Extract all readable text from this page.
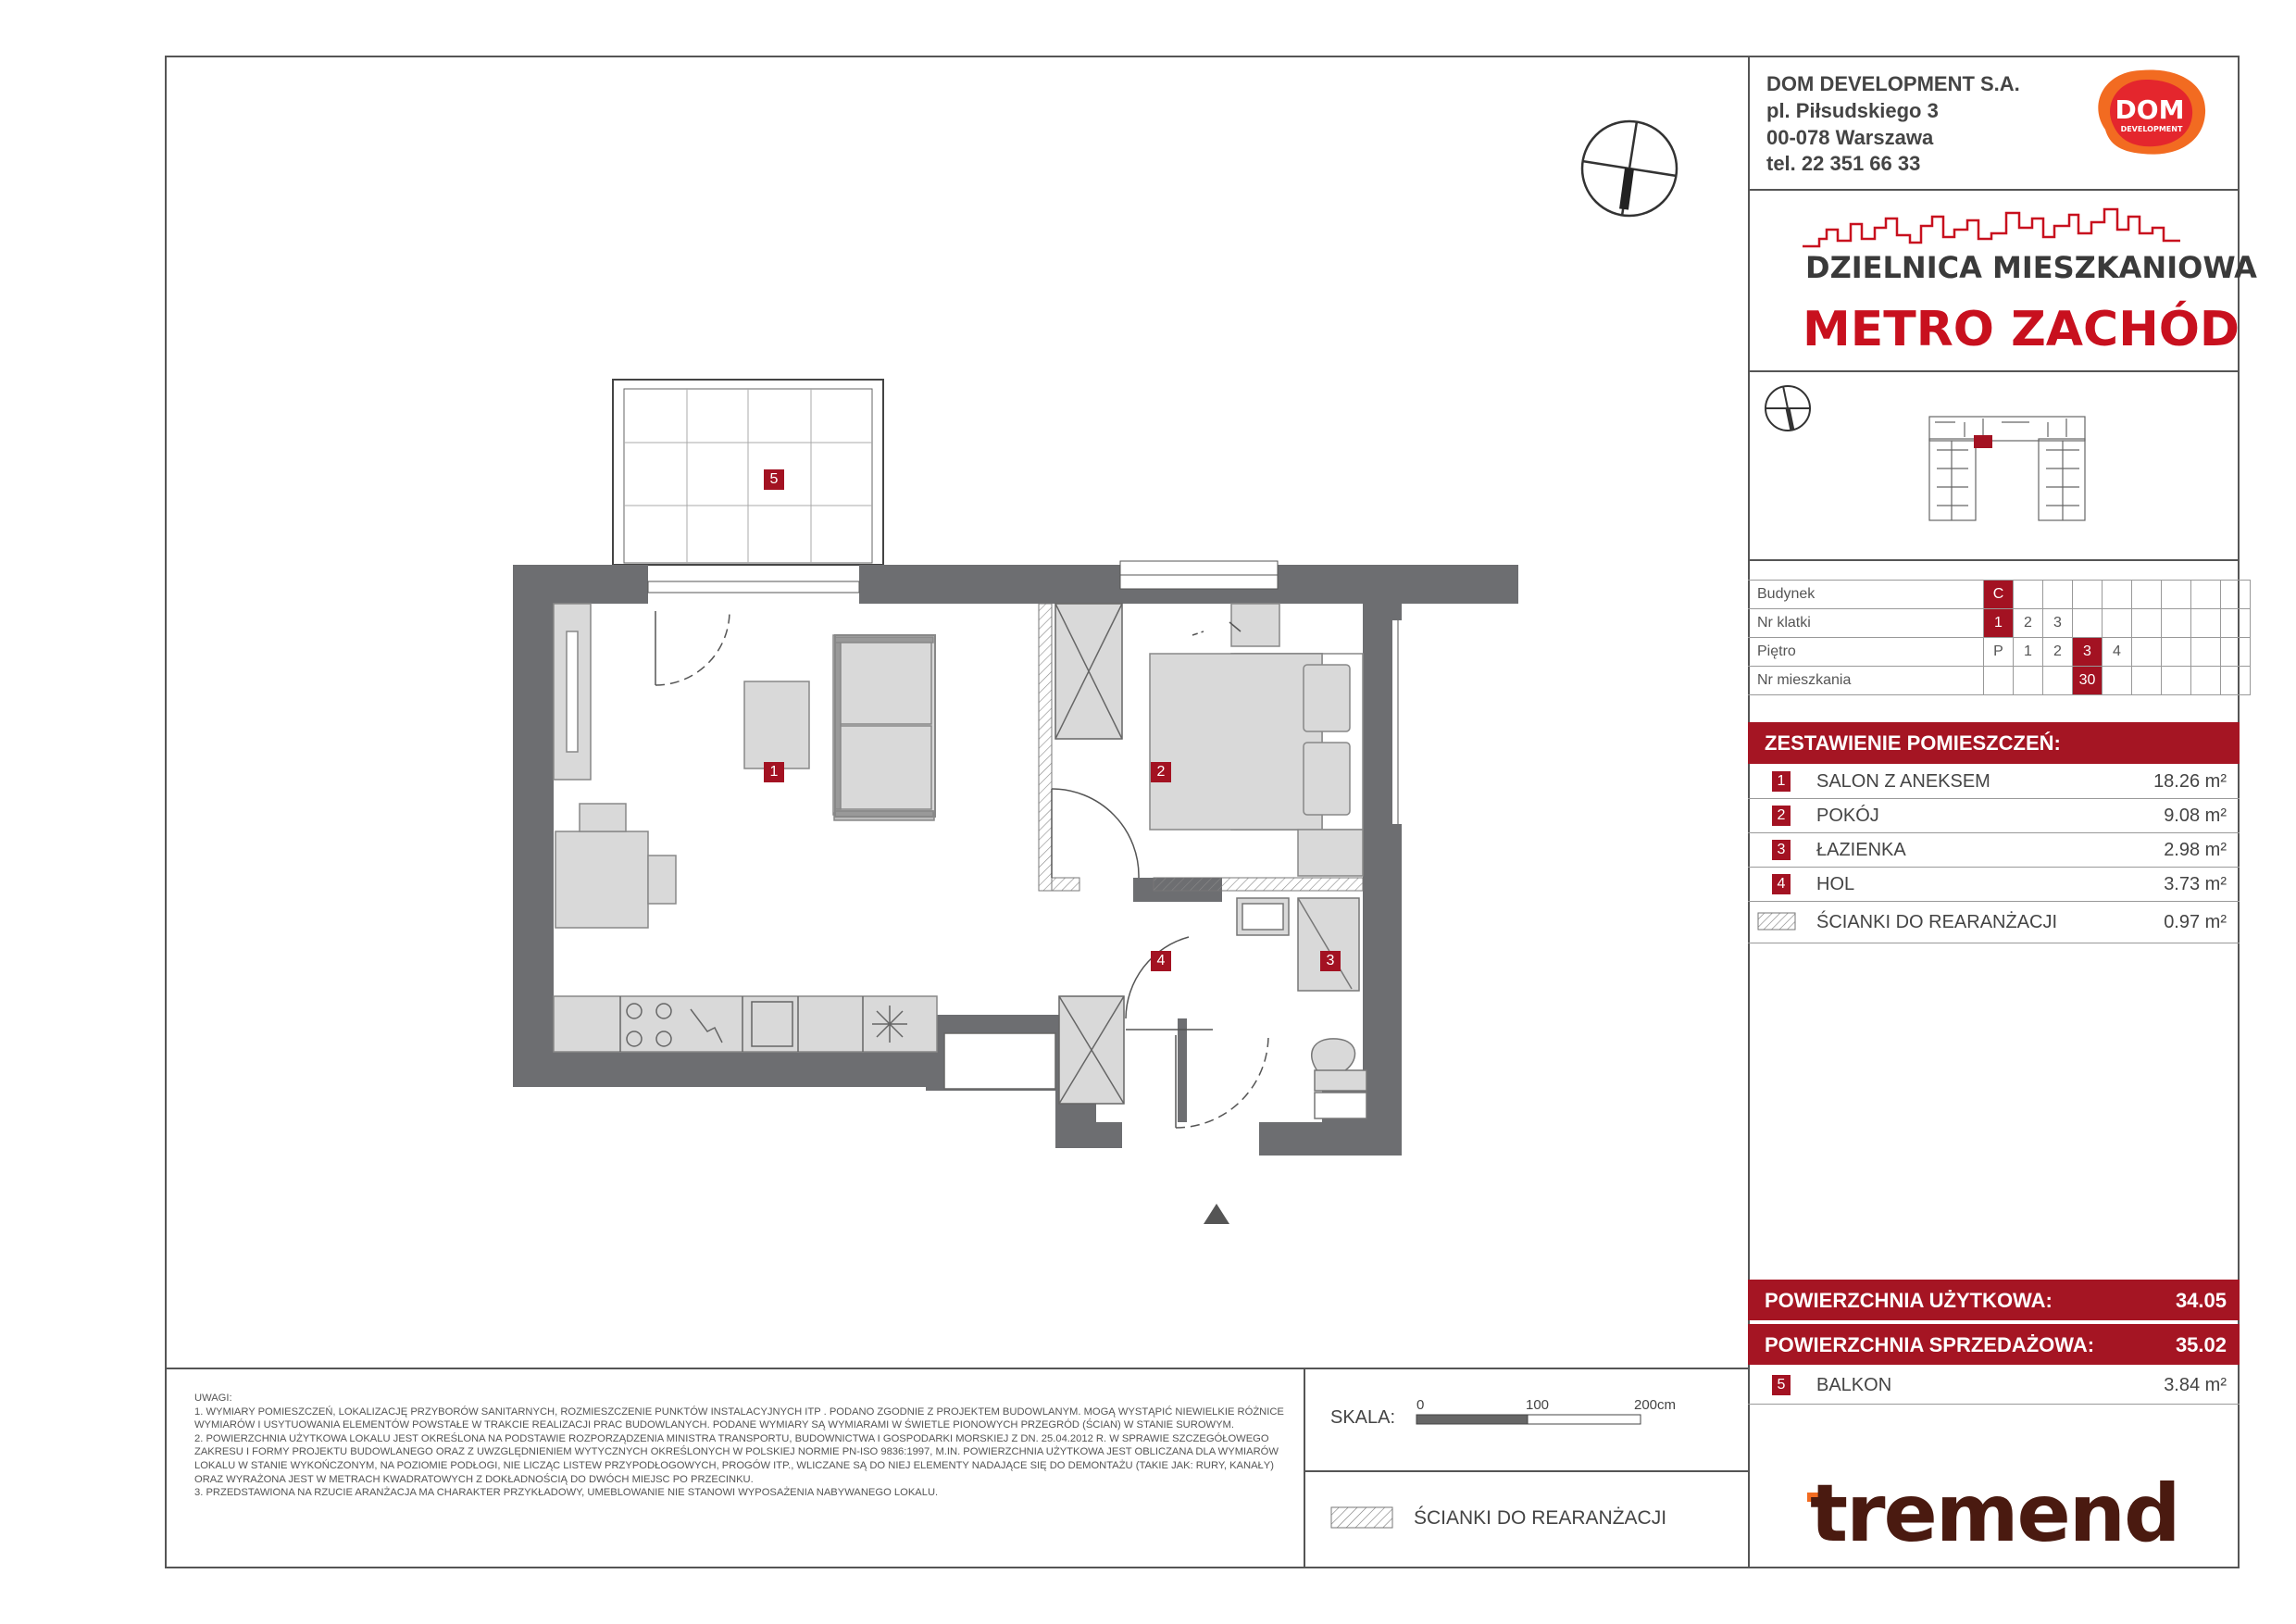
DOM DEVELOPMENT S.A.
pl. Piłsudskiego 3
00-078 Warszawa
tel. 22 351 66 33
DOM
DEVELOPMENT
DZIELNICA MIESZKANIOWA
METRO ZACHÓD
Budynek	C								
Nr klatki	1	2	3						
Piętro	P	1	2	3	4				
Nr mieszkania				30					
ZESTAWIENIE POMIESZCZEŃ:
1 SALON Z ANEKSEM	18.26 m²
2 POKÓJ	9.08 m²
3 ŁAZIENKA	2.98 m²
4 HOL	3.73 m²
ŚCIANKI DO REARANŻACJI	0.97 m²
POWIERZCHNIA UŻYTKOWA:	34.05
POWIERZCHNIA SPRZEDAŻOWA:	35.02
5 BALKON	3.84 m²
5
1	2
4	3
UWAGI:
1. WYMIARY POMIESZCZEŃ, LOKALIZACJĘ PRZYBORÓW SANITARNYCH, ROZMIESZCZENIE PUNKTÓW INSTALACYJNYCH ITP . PODANO ZGODNIE Z PROJEKTEM BUDOWLANYM. MOGĄ WYSTĄPIĆ NIEWIELKIE RÓŻNICE WYMIARÓW I USYTUOWANIA ELEMENTÓW POWSTAŁE W TRAKCIE REALIZACJI PRAC BUDOWLANYCH. PODANE WYMIARY SĄ WYMIARAMI W ŚWIETLE PIONOWYCH PRZEGRÓD (ŚCIAN) W STANIE SUROWYM.
2. POWIERZCHNIA UŻYTKOWA LOKALU JEST OKREŚLONA NA PODSTAWIE ROZPORZĄDZENIA MINISTRA TRANSPORTU, BUDOWNICTWA I GOSPODARKI MORSKIEJ Z DN. 25.04.2012 R. W SPRAWIE SZCZEGÓŁOWEGO ZAKRESU I FORMY PROJEKTU BUDOWLANEGO ORAZ Z UWZGLĘDNIENIEM WYTYCZNYCH OKREŚLONYCH W POLSKIEJ NORMIE PN-ISO 9836:1997, M.IN. POWIERZCHNIA UŻYTKOWA JEST OBLICZANA DLA WYMIARÓW LOKALU W STANIE WYKOŃCZONYM, NA POZIOMIE PODŁOGI, NIE LICZĄC LISTEW PRZYPODŁOGOWYCH, PROGÓW ITP., WLICZANE SĄ DO NIEJ ELEMENTY NADAJĄCE SIĘ DO DEMONTAŻU (TAKIE JAK: RURY, KANAŁY) ORAZ WYRAŻONA JEST W METRACH KWADRATOWYCH Z DOKŁADNOŚCIĄ DO DWÓCH MIEJSC PO PRZECINKU.
3. PRZEDSTAWIONA NA RZUCIE ARANŻACJA MA CHARAKTER PRZYKŁADOWY, UMEBLOWANIE NIE STANOWI WYPOSAŻENIA NABYWANEGO LOKALU.
SKALA:
0	100	200cm
ŚCIANKI DO REARANŻACJI tremend
